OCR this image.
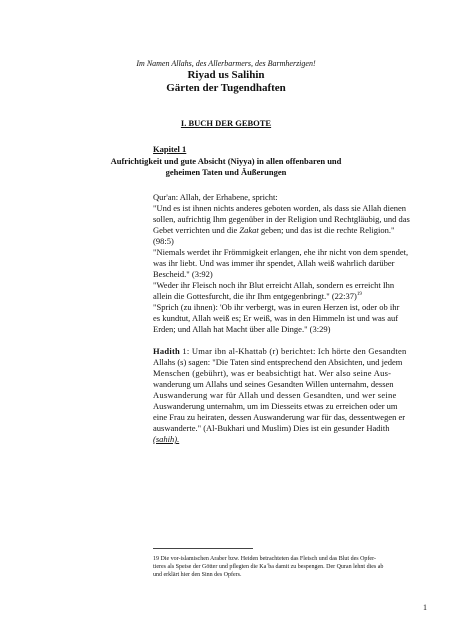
Im Namen Allahs, des Allerbarmers, des Barmherzigen!

Riyad us Salihin

Gärten der Tugendhaften

I. BUCH DER GEBOTE

Kapitel 1

Aufrichtigkeit und gute Absicht (Niyya) in allen offenbaren und

geheimen Taten und Äußerungen

Qur'an: Allah, der Erhabene, spricht:

"Und es ist ihnen nichts anderes geboten worden, als dass sie Allah dienen

sollen, aufrichtig Ihm gegenüber in der Religion und Rechtgläubig, und das

Gebet verrichten und die Zakat geben; und das ist die rechte Religion."

(98:5)

"Niemals werdet ihr Frömmigkeit erlangen, ehe ihr nicht von dem spendet,

was ihr liebt. Und was immer ihr spendet, Allah weiß wahrlich darüber

Bescheid." (3:92)

"Weder ihr Fleisch noch ihr Blut erreicht Allah, sondern es erreicht Ihn

allein die Gottesfurcht, die ihr Ihm entgegenbringt." (22:37)$^{19}$

"Sprich (zu ihnen): 'Ob ihr verbergt, was in euren Herzen ist, oder ob ihr

es kundtut, Allah weiß es; Er weiß, was in den Himmeln ist und was auf

Erden; und Allah hat Macht über alle Dinge." (3:29)

Hadith 1: Umar ibn al-Khattab (r) berichtet: Ich hörte den Gesandten

Allahs (s) sagen: "Die Taten sind entsprechend den Absichten, und jedem

Menschen (gebührt), was er beabsichtigt hat. Wer also seine Aus-

wanderung um Allahs und seines Gesandten Willen unternahm, dessen

Auswanderung war für Allah und dessen Gesandten, und wer seine

Auswanderung unternahm, um im Diesseits etwas zu erreichen oder um

eine Frau zu heiraten, dessen Auswanderung war für das, dessentwegen er

auswanderte." (Al-Bukhari und Muslim) Dies ist ein gesunder Hadith

(sahih).

19 Die vor-islamischen Araber bzw. Heiden betrachteten das Fleisch und das Blut des Opfer-

tieres als Speise der Götter und pflegten die Kaʿba damit zu bespengen. Der Quran lehnt dies ab

und erklärt hier den Sinn des Opfers.

1
